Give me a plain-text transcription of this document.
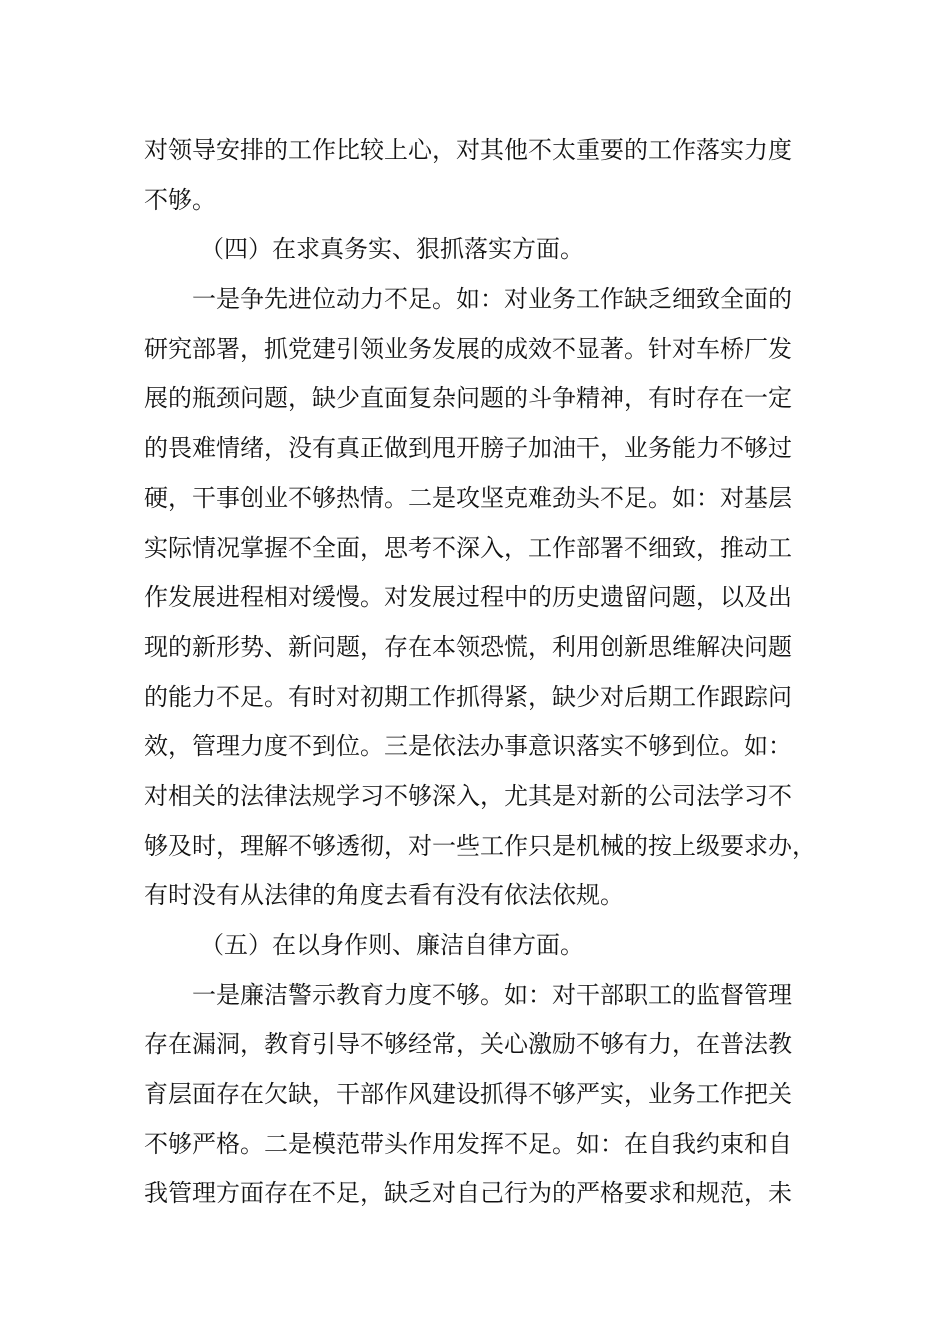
对领导安排的工作比较上心，对其他不太重要的工作落实力度
不够。
（四）在求真务实、狠抓落实方面。
一是争先进位动力不足。如：对业务工作缺乏细致全面的
研究部署，抓党建引领业务发展的成效不显著。针对车桥厂发
展的瓶颈问题，缺少直面复杂问题的斗争精神，有时存在一定
的畏难情绪，没有真正做到甩开膀子加油干，业务能力不够过
硬，干事创业不够热情。二是攻坚克难劲头不足。如：对基层
实际情况掌握不全面，思考不深入，工作部署不细致，推动工
作发展进程相对缓慢。对发展过程中的历史遗留问题，以及出
现的新形势、新问题，存在本领恐慌，利用创新思维解决问题
的能力不足。有时对初期工作抓得紧，缺少对后期工作跟踪问
效，管理力度不到位。三是依法办事意识落实不够到位。如：
对相关的法律法规学习不够深入，尤其是对新的公司法学习不
够及时，理解不够透彻，对一些工作只是机械的按上级要求办，
有时没有从法律的角度去看有没有依法依规。
（五）在以身作则、廉洁自律方面。
一是廉洁警示教育力度不够。如：对干部职工的监督管理
存在漏洞，教育引导不够经常，关心激励不够有力，在普法教
育层面存在欠缺，干部作风建设抓得不够严实，业务工作把关
不够严格。二是模范带头作用发挥不足。如：在自我约束和自
我管理方面存在不足，缺乏对自己行为的严格要求和规范，未
